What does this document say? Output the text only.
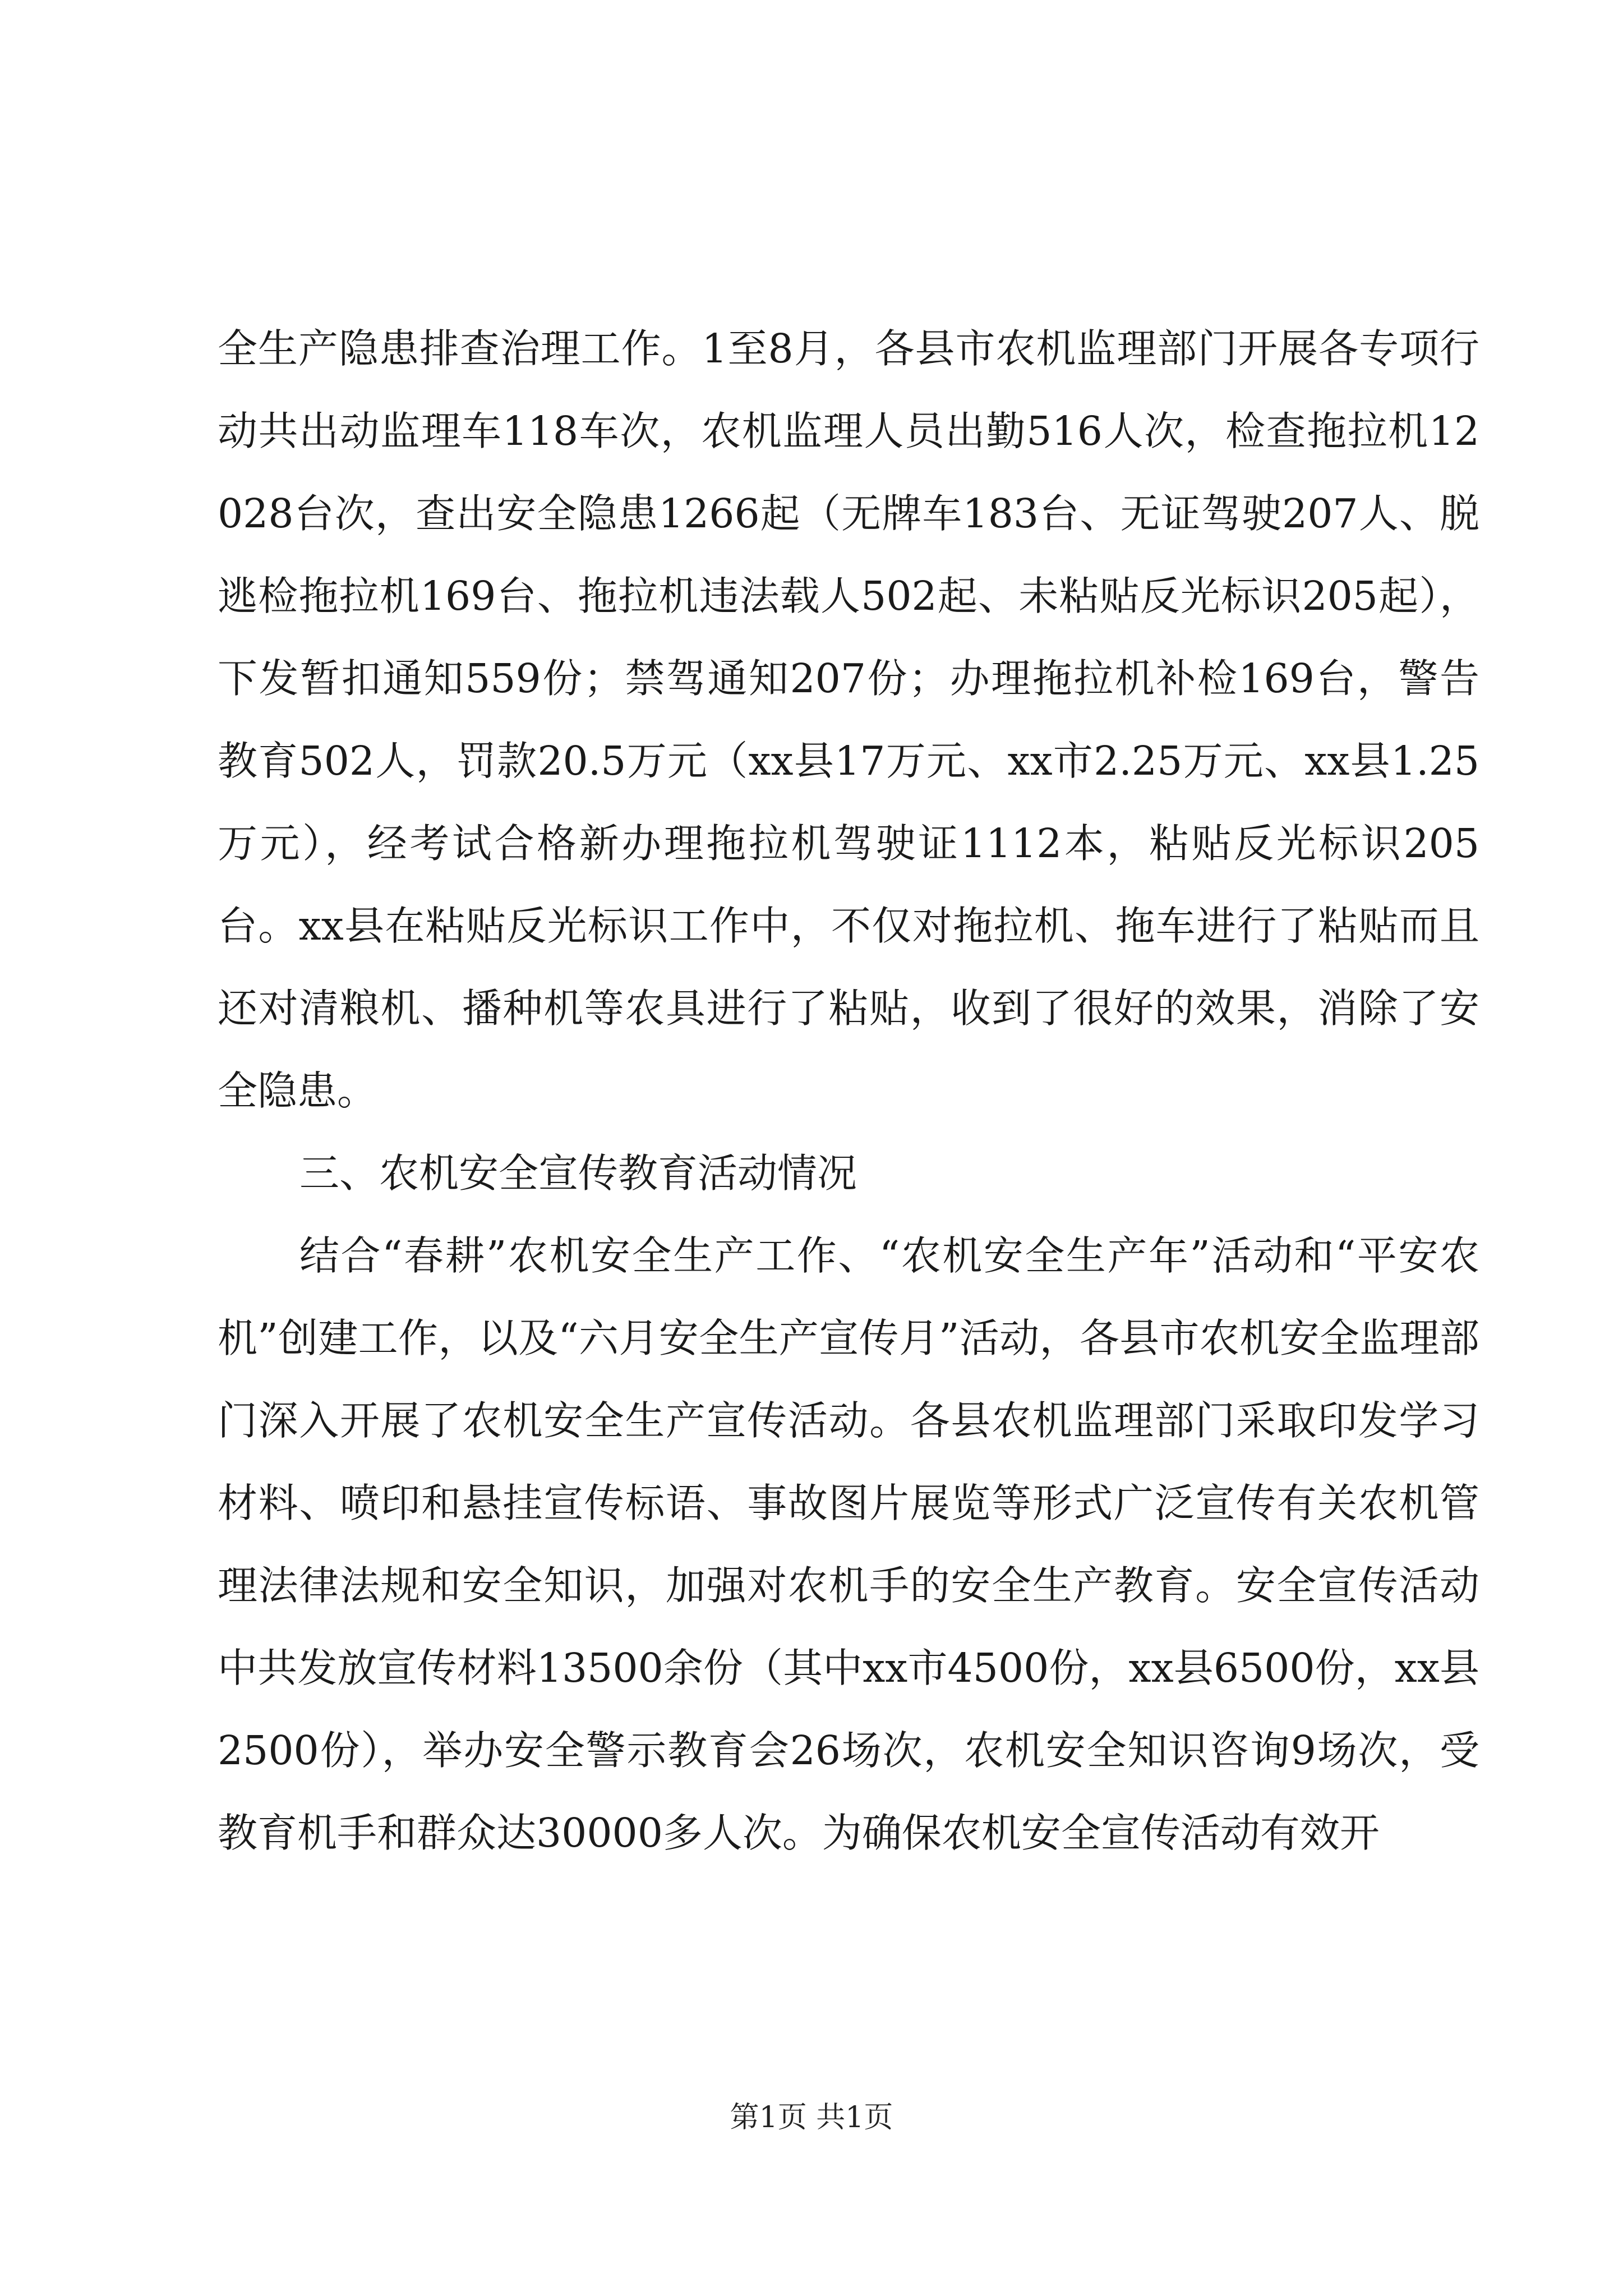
全生产隐患排查治理工作。1至8月，各县市农机监理部门开展各专项行动共出动监理车118车次，农机监理人员出勤516人次，检查拖拉机12028台次，查出安全隐患1266起（无牌车183台、无证驾驶207人、脱逃检拖拉机169台、拖拉机违法载人502起、未粘贴反光标识205起），下发暂扣通知559份；禁驾通知207份；办理拖拉机补检169台，警告教育502人，罚款20.5万元（xx县17万元、xx市2.25万元、xx县1.25万元），经考试合格新办理拖拉机驾驶证1112本，粘贴反光标识205台。xx县在粘贴反光标识工作中，不仅对拖拉机、拖车进行了粘贴而且还对清粮机、播种机等农具进行了粘贴，收到了很好的效果，消除了安全隐患。

三、农机安全宣传教育活动情况

结合“春耕”农机安全生产工作、“农机安全生产年”活动和“平安农机”创建工作，以及“六月安全生产宣传月”活动，各县市农机安全监理部门深入开展了农机安全生产宣传活动。各县农机监理部门采取印发学习材料、喷印和悬挂宣传标语、事故图片展览等形式广泛宣传有关农机管理法律法规和安全知识，加强对农机手的安全生产教育。安全宣传活动中共发放宣传材料13500余份（其中xx市4500份，xx县6500份，xx县2500份），举办安全警示教育会26场次，农机安全知识咨询9场次，受教育机手和群众达30000多人次。为确保农机安全宣传活动有效开

第1页 共1页
